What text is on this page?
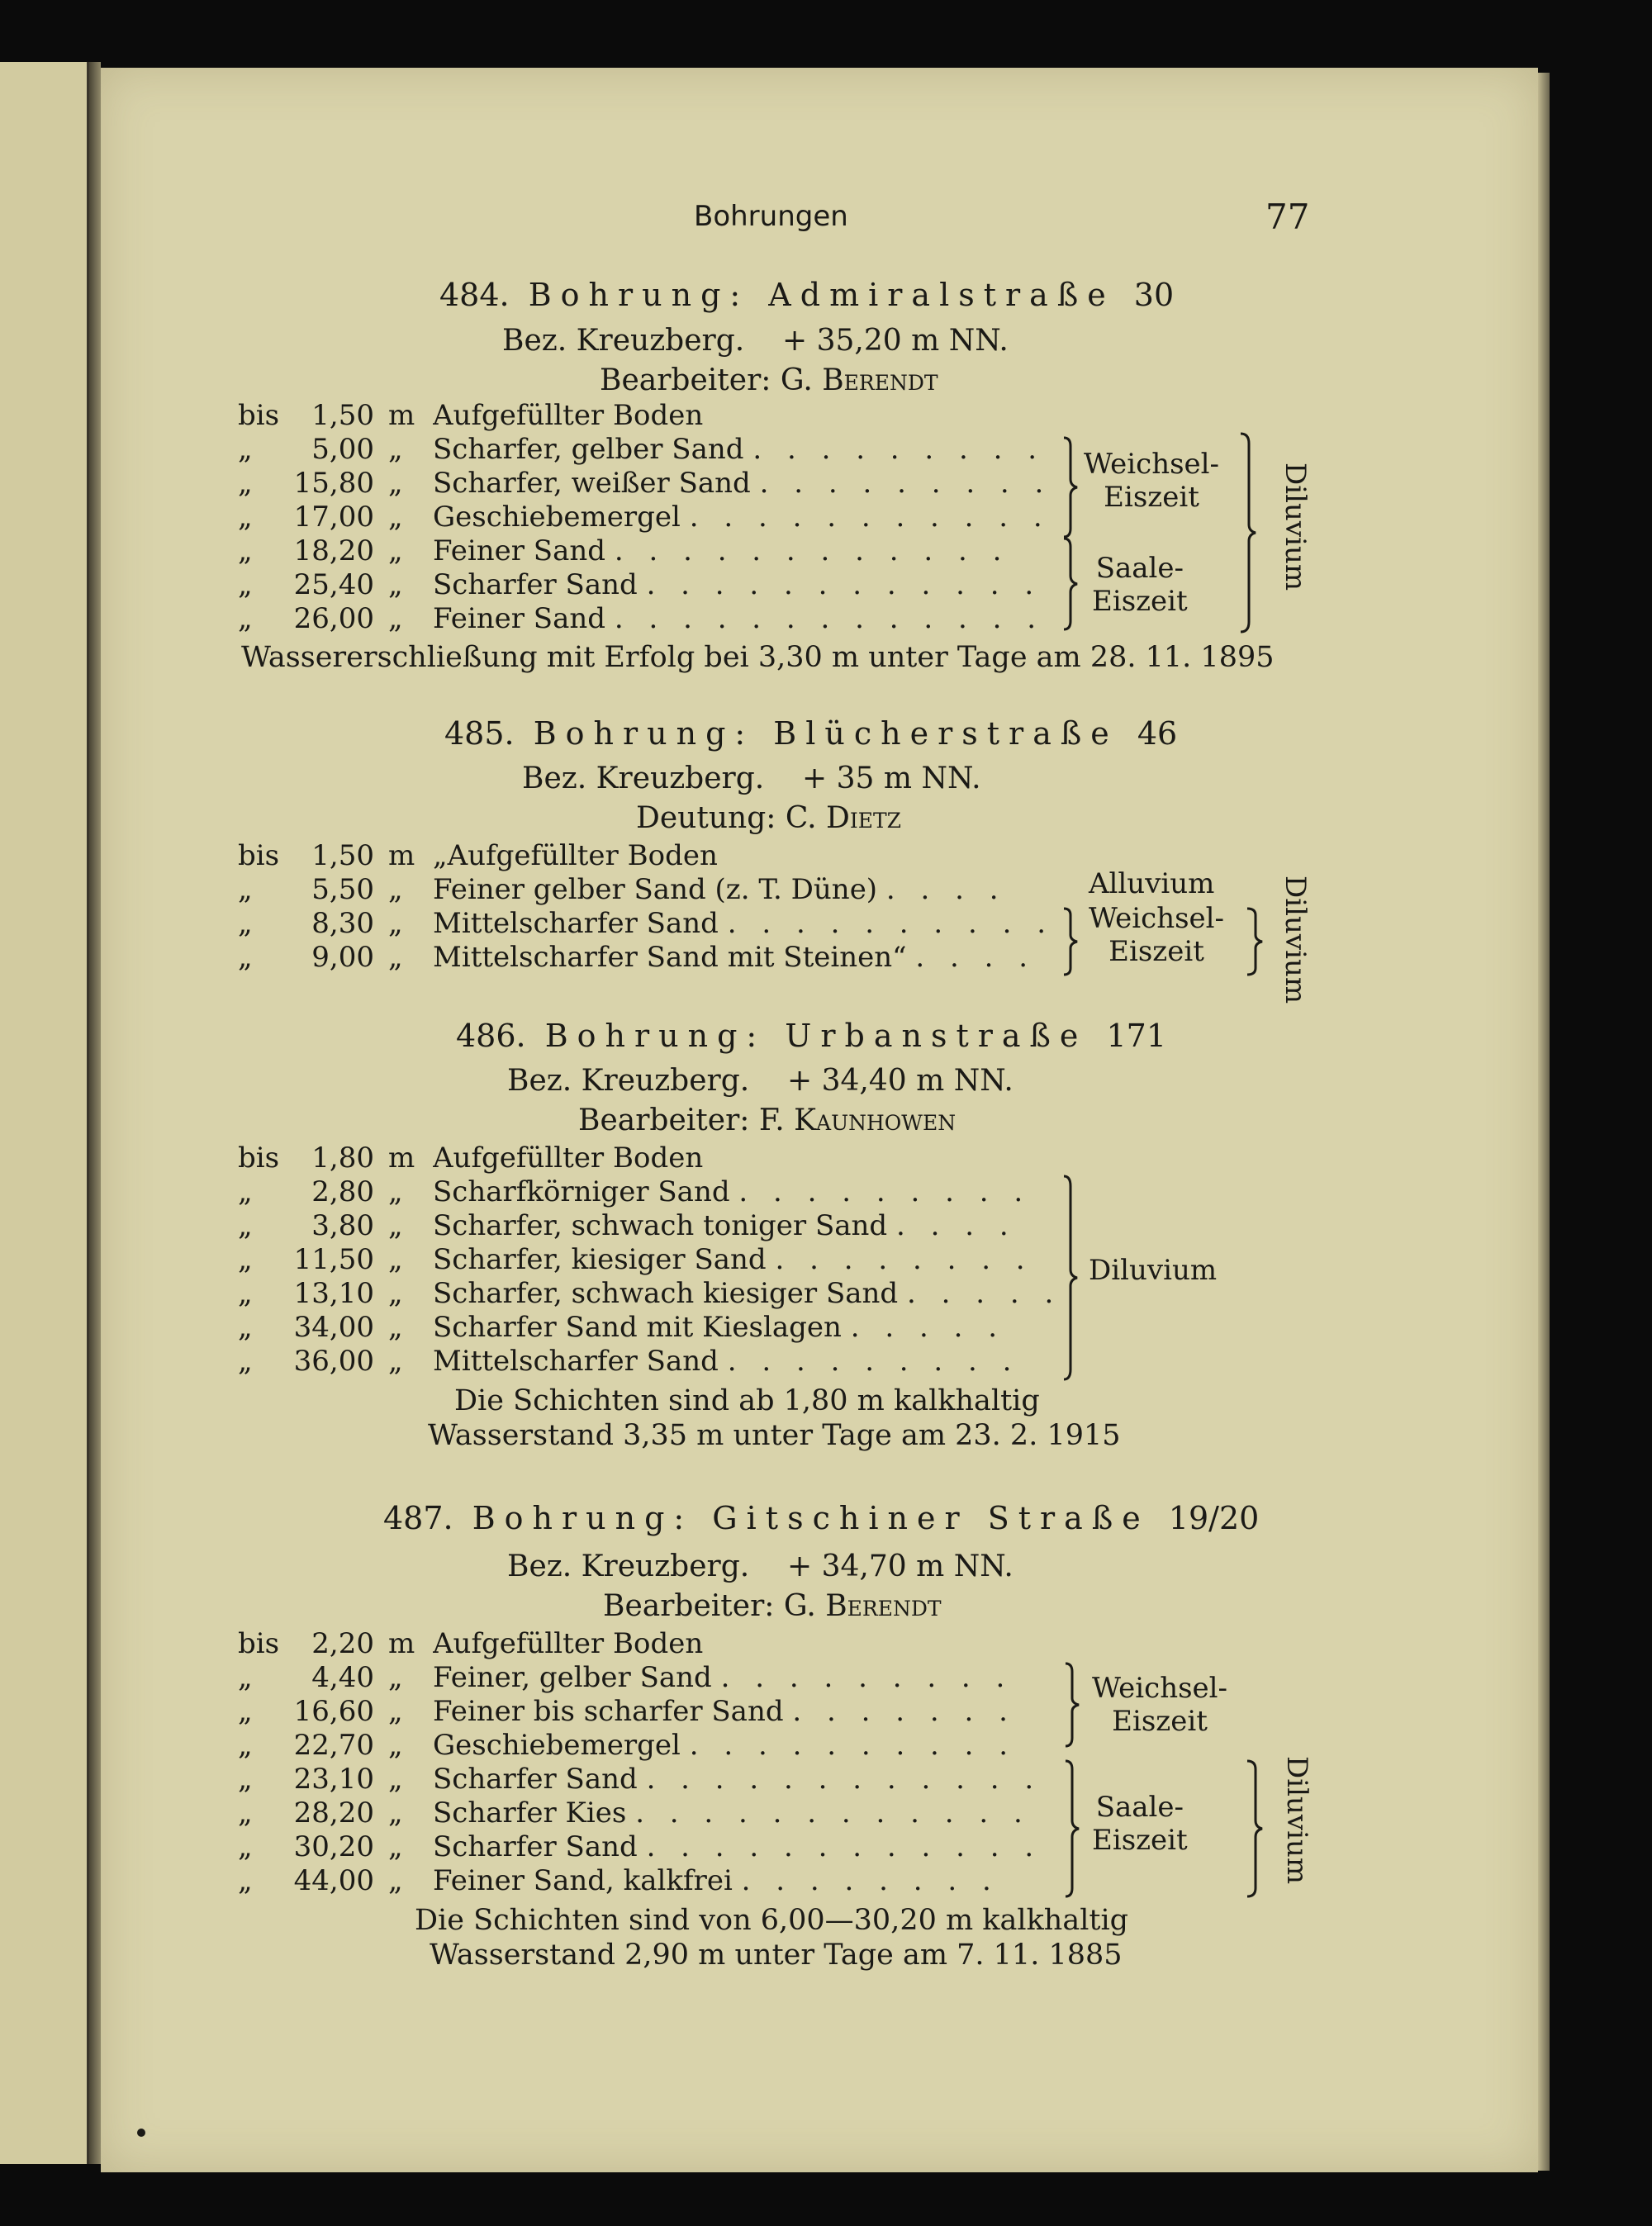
Bohrungen	77
484. Bohrung: Admiralstraße 30
Bez. Kreuzberg. + 35,20 m NN.
Bearbeiter: G. Berendt
bis	1,50 m Aufgefüllter Boden
„	5,00 „ Scharfer, gelber Sand . . . . . . . . .
„	15,80 „ Scharfer, weißer Sand . . . . . . . . .
„	17,00 „ Geschiebemergel . . . . . . . . . . .
„	18,20 „ Feiner Sand . . . . . . . . . . . .
„	25,40 „ Scharfer Sand . . . . . . . . . . . .
„	26,00 „ Feiner Sand . . . . . . . . . . . . .
Weichsel-
Eiszeit
Saale-
Eiszeit
Diluvium
Wassererschließung mit Erfolg bei 3,30 m unter Tage am 28. 11. 1895
485. Bohrung: Blücherstraße 46
Bez. Kreuzberg. + 35 m NN.
Deutung: C. Dietz
bis	1,50 m „Aufgefüllter Boden
„	5,50 „ Feiner gelber Sand (z. T. Düne) . . . .
„	8,30 „ Mittelscharfer Sand . . . . . . . . . .
„	9,00 „ Mittelscharfer Sand mit Steinen“ . . . .
Alluvium
Weichsel-
Eiszeit	Diluvium
486. Bohrung: Urbanstraße 171
Bez. Kreuzberg. + 34,40 m NN.
Bearbeiter: F. Kaunhowen
bis	1,80 m Aufgefüllter Boden
„	2,80 „ Scharfkörniger Sand . . . . . . . . .
„	3,80 „ Scharfer, schwach toniger Sand . . . .
„	11,50 „ Scharfer, kiesiger Sand . . . . . . . .
„	13,10 „ Scharfer, schwach kiesiger Sand . . . . .
„	34,00 „ Scharfer Sand mit Kieslagen . . . . .
„	36,00 „ Mittelscharfer Sand . . . . . . . . .
Diluvium
Die Schichten sind ab 1,80 m kalkhaltig
Wasserstand 3,35 m unter Tage am 23. 2. 1915
487. Bohrung: Gitschiner Straße 19/20
Bez. Kreuzberg. + 34,70 m NN.
Bearbeiter: G. Berendt
bis	2,20 m Aufgefüllter Boden
„	4,40 „ Feiner, gelber Sand . . . . . . . . .
„	16,60 „ Feiner bis scharfer Sand . . . . . . .
„	22,70 „ Geschiebemergel . . . . . . . . . .
„	23,10 „ Scharfer Sand . . . . . . . . . . . .
„	28,20 „ Scharfer Kies . . . . . . . . . . . .
„	30,20 „ Scharfer Sand . . . . . . . . . . . .
„	44,00 „ Feiner Sand, kalkfrei . . . . . . . .
Weichsel-
Eiszeit
Saale-
Eiszeit	Diluvium
Die Schichten sind von 6,00—30,20 m kalkhaltig
Wasserstand 2,90 m unter Tage am 7. 11. 1885
